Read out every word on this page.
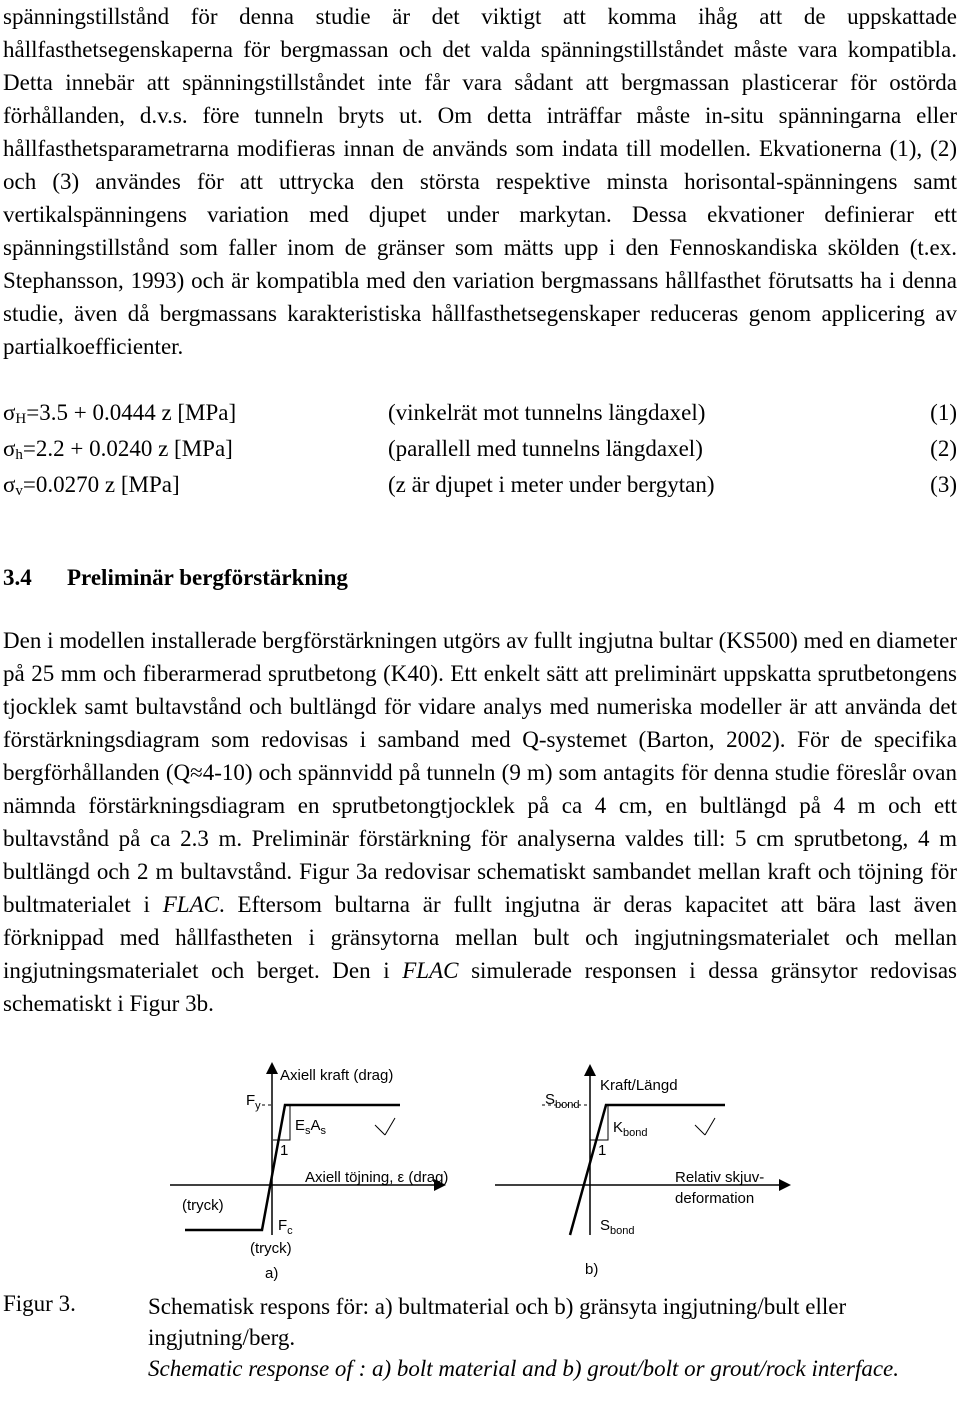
spänningstillstånd för denna studie är det viktigt att komma ihåg att de uppskattade hållfasthetsegenskaperna för bergmassan och det valda spänningstillståndet måste vara kompatibla. Detta innebär att spänningstillståndet inte får vara sådant att bergmassan plasticerar för ostörda förhållanden, d.v.s. före tunneln bryts ut. Om detta inträffar måste in-situ spänningarna eller hållfasthetsparametrarna modifieras innan de används som indata till modellen. Ekvationerna (1), (2) och (3) användes för att uttrycka den största respektive minsta horisontal-spänningens samt vertikalspänningens variation med djupet under markytan. Dessa ekvationer definierar ett spänningstillstånd som faller inom de gränser som mätts upp i den Fennoskandiska skölden (t.ex. Stephansson, 1993) och är kompatibla med den variation bergmassans hållfasthet förutsatts ha i denna studie, även då bergmassans karakteristiska hållfasthetsegenskaper reduceras genom applicering av partialkoefficienter.

$\sigma_H=3.5 + 0.0444$ z [MPa]	(vinkelrät mot tunnelns längdaxel)	(1)
$\sigma_h=2.2 + 0.0240$ z [MPa]	(parallell med tunnelns längdaxel)	(2)
$\sigma_v=0.0270$ z [MPa]	(z är djupet i meter under bergytan)	(3)
3.4 Preliminär bergförstärkning

Den i modellen installerade bergförstärkningen utgörs av fullt ingjutna bultar (KS500) med en diameter på 25 mm och fiberarmerad sprutbetong (K40). Ett enkelt sätt att preliminärt uppskatta sprutbetongens tjocklek samt bultavstånd och bultlängd för vidare analys med numeriska modeller är att använda det förstärkningsdiagram som redovisas i samband med Q-systemet (Barton, 2002). För de specifika bergförhållanden (Q≈4-10) och spännvidd på tunneln (9 m) som antagits för denna studie föreslår ovan nämnda förstärkningsdiagram en sprutbetongtjocklek på ca 4 cm, en bultlängd på 4 m och ett bultavstånd på ca 2.3 m. Preliminär förstärkning för analyserna valdes till: 5 cm sprutbetong, 4 m bultlängd och 2 m bultavstånd. Figur 3a redovisar schematiskt sambandet mellan kraft och töjning för bultmaterialet i FLAC. Eftersom bultarna är fullt ingjutna är deras kapacitet att bära last även förknippad med hållfastheten i gränsytorna mellan bult och ingjutningsmaterialet och mellan ingjutningsmaterialet och berget. Den i FLAC simulerade responsen i dessa gränsytor redovisas schematiskt i Figur 3b.

Axiell kraft (drag)
$F_y$
$E_sA_s$
1
Axiell töjning, ε (drag)
(tryck)
$F_c$
(tryck)
a)
Kraft/Längd
$S_{bond}$
$K_{bond}$
1
Relativ skjuv-
deformation
$S_{bond}$
b)
Figur 3.	Schematisk respons för: a) bultmaterial och b) gränsyta ingjutning/bult eller ingjutning/berg.
Schematic response of : a) bolt material and b) grout/bolt or grout/rock interface.
